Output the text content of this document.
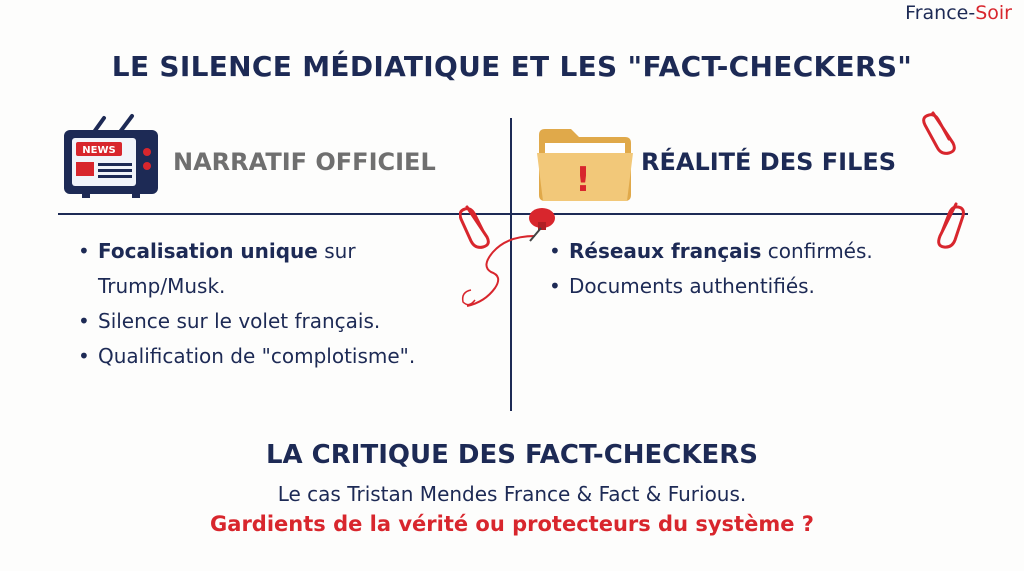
France-Soir
LE SILENCE MÉDIATIQUE ET LES "FACT-CHECKERS"
NEWS NARRATIF OFFICIEL	! RÉALITÉ DES FILES
• Focalisation unique sur Trump/Musk.
• Silence sur le volet français.
• Qualification de "complotisme".
• Réseaux français confirmés.
• Documents authentifiés.
LA CRITIQUE DES FACT-CHECKERS
Le cas Tristan Mendes France & Fact & Furious.
Gardients de la vérité ou protecteurs du système ?
